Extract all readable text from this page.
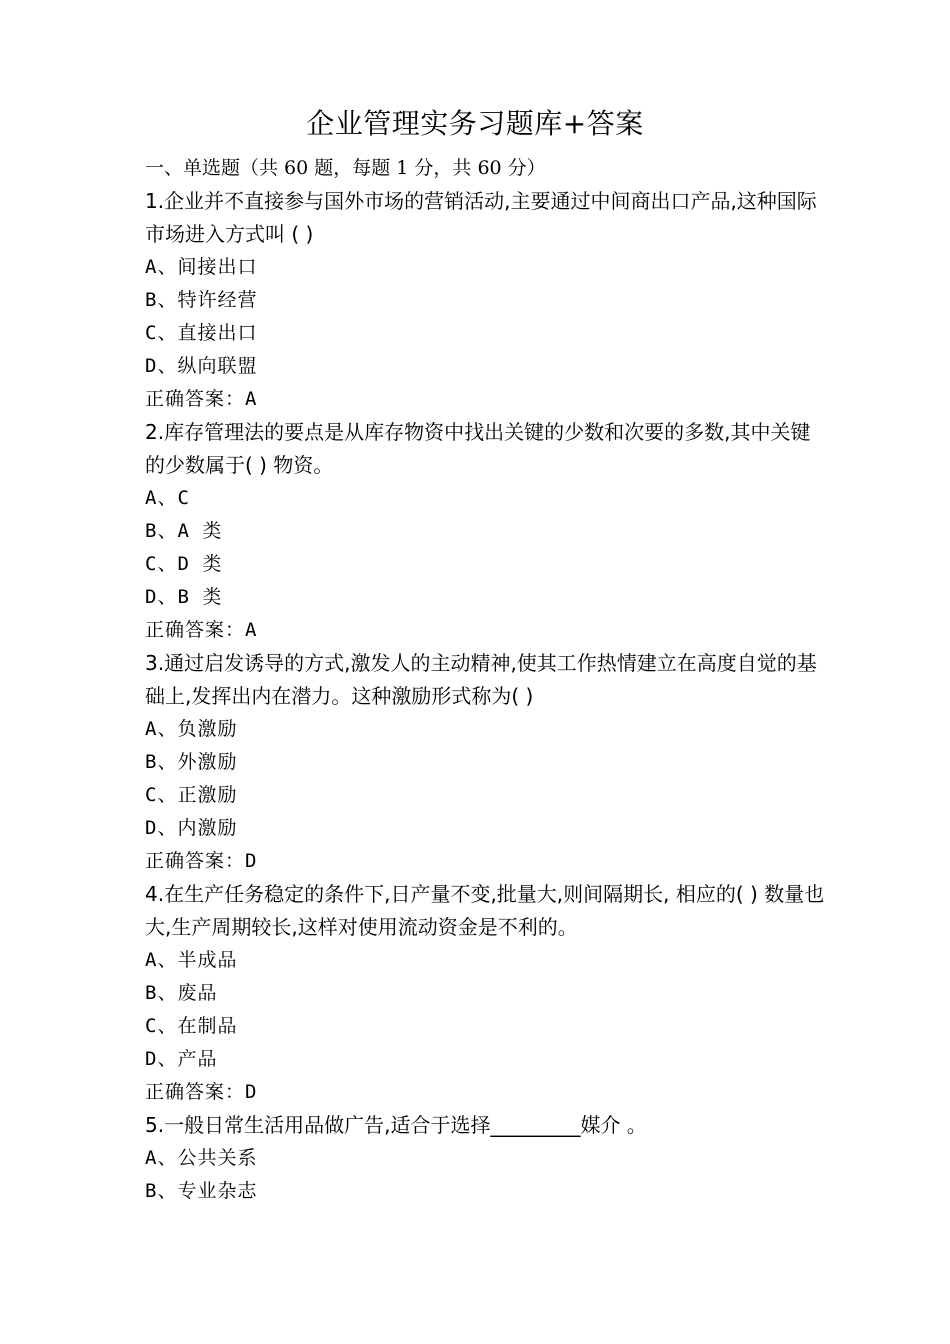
企业管理实务习题库+答案
一、单选题（共 60 题，每题 1 分，共 60 分）
1.企业并不直接参与国外市场的营销活动,主要通过中间商出口产品,这种国际市场进入方式叫 ( )
A、间接出口
B、特许经营
C、直接出口
D、纵向联盟
正确答案：A
2.库存管理法的要点是从库存物资中找出关键的少数和次要的多数,其中关键的少数属于( ) 物资。
A、C
B、A 类
C、D 类
D、B 类
正确答案：A
3.通过启发诱导的方式,激发人的主动精神,使其工作热情建立在高度自觉的基础上,发挥出内在潜力。这种激励形式称为( )
A、负激励
B、外激励
C、正激励
D、内激励
正确答案：D
4.在生产任务稳定的条件下,日产量不变,批量大,则间隔期长, 相应的( ) 数量也大,生产周期较长,这样对使用流动资金是不利的。
A、半成品
B、废品
C、在制品
D、产品
正确答案：D
5.一般日常生活用品做广告,适合于选择_________媒介 。
A、公共关系
B、专业杂志
